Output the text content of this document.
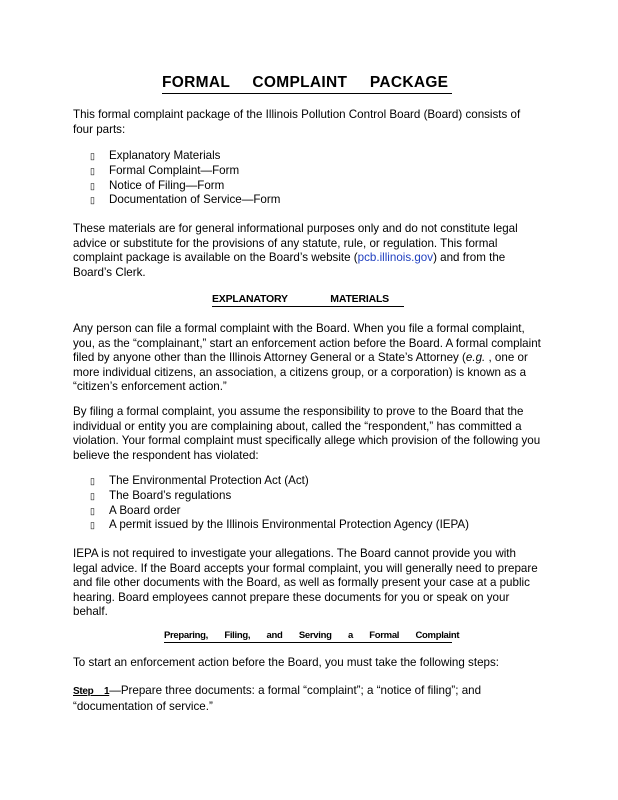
FORMAL COMPLAINT PACKAGE

This formal complaint package of the Illinois Pollution Control Board (Board) consists of four parts:

▯ Explanatory Materials
▯ Formal Complaint—Form
▯ Notice of Filing—Form
▯ Documentation of Service—Form

These materials are for general informational purposes only and do not constitute legal advice or substitute for the provisions of any statute, rule, or regulation. This formal complaint package is available on the Board’s website (pcb.illinois.gov) and from the Board’s Clerk.

EXPLANATORY MATERIALS

Any person can file a formal complaint with the Board. When you file a formal complaint, you, as the “complainant,” start an enforcement action before the Board. A formal complaint filed by anyone other than the Illinois Attorney General or a State’s Attorney (e.g. , one or more individual citizens, an association, a citizens group, or a corporation) is known as a “citizen’s enforcement action.”

By filing a formal complaint, you assume the responsibility to prove to the Board that the individual or entity you are complaining about, called the “respondent,” has committed a violation. Your formal complaint must specifically allege which provision of the following you believe the respondent has violated:

▯ The Environmental Protection Act (Act)
▯ The Board’s regulations
▯ A Board order
▯ A permit issued by the Illinois Environmental Protection Agency (IEPA)

IEPA is not required to investigate your allegations. The Board cannot provide you with legal advice. If the Board accepts your formal complaint, you will generally need to prepare and file other documents with the Board, as well as formally present your case at a public hearing. Board employees cannot prepare these documents for you or speak on your behalf.

Preparing, Filing, and Serving a Formal Complaint

To start an enforcement action before the Board, you must take the following steps:

Step 1—Prepare three documents: a formal “complaint”; a “notice of filing”; and “documentation of service.”
